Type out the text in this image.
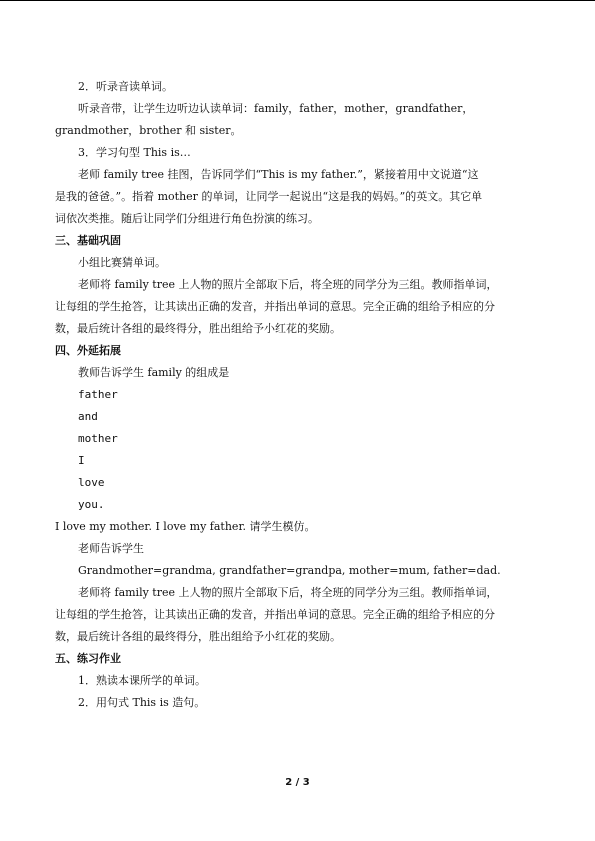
2．听录音读单词。
听录音带，让学生边听边认读单词：family，father，mother，grandfather，
grandmother，brother 和 sister。
3．学习句型 This is…
老师 family tree 挂图，告诉同学们“This is my father.”，紧接着用中文说道“这
是我的爸爸。”。指着 mother 的单词，让同学一起说出“这是我的妈妈。”的英文。其它单
词依次类推。随后让同学们分组进行角色扮演的练习。
三、基础巩固
小组比赛猜单词。
老师将 family tree 上人物的照片全部取下后，将全班的同学分为三组。教师指单词，
让每组的学生抢答，让其读出正确的发音，并指出单词的意思。完全正确的组给予相应的分
数，最后统计各组的最终得分，胜出组给予小红花的奖励。
四、外延拓展
教师告诉学生 family 的组成是
father
and
mother
I
love
you.
I love my mother. I love my father. 请学生模仿。
老师告诉学生
Grandmother=grandma, grandfather=grandpa, mother=mum, father=dad.
老师将 family tree 上人物的照片全部取下后，将全班的同学分为三组。教师指单词，
让每组的学生抢答，让其读出正确的发音，并指出单词的意思。完全正确的组给予相应的分
数，最后统计各组的最终得分，胜出组给予小红花的奖励。
五、练习作业
1．熟读本课所学的单词。
2．用句式 This is 造句。
2 / 3
